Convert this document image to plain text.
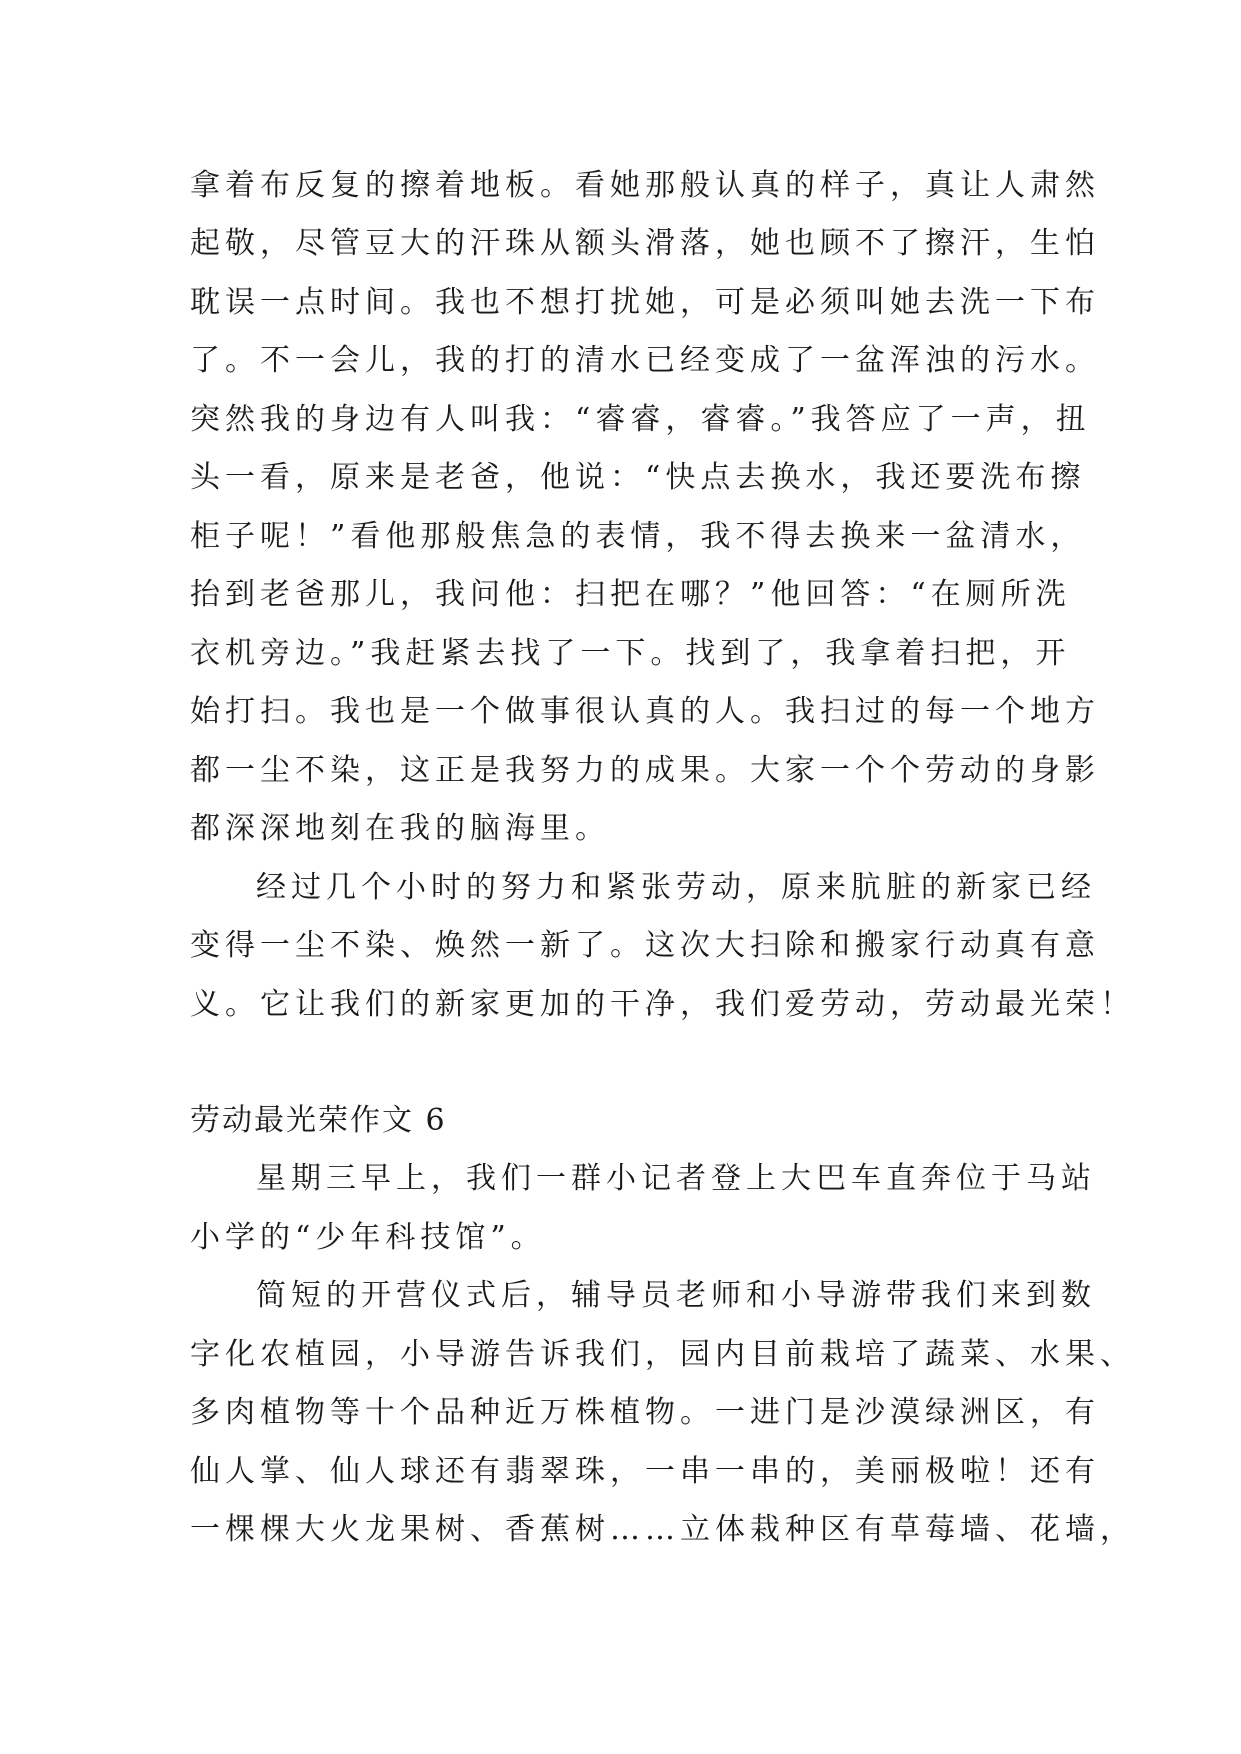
拿着布反复的擦着地板。看她那般认真的样子，真让人肃然
起敬，尽管豆大的汗珠从额头滑落，她也顾不了擦汗，生怕
耽误一点时间。我也不想打扰她，可是必须叫她去洗一下布
了。不一会儿，我的打的清水已经变成了一盆浑浊的污水。
突然我的身边有人叫我：“睿睿，睿睿。”我答应了一声，扭
头一看，原来是老爸，他说：“快点去换水，我还要洗布擦
柜子呢！”看他那般焦急的表情，我不得去换来一盆清水，
抬到老爸那儿，我问他：扫把在哪？”他回答：“在厕所洗
衣机旁边。”我赶紧去找了一下。找到了，我拿着扫把，开
始打扫。我也是一个做事很认真的人。我扫过的每一个地方
都一尘不染，这正是我努力的成果。大家一个个劳动的身影
都深深地刻在我的脑海里。
经过几个小时的努力和紧张劳动，原来肮脏的新家已经
变得一尘不染、焕然一新了。这次大扫除和搬家行动真有意
义。它让我们的新家更加的干净，我们爱劳动，劳动最光荣！
劳动最光荣作文 6
星期三早上，我们一群小记者登上大巴车直奔位于马站
小学的“少年科技馆”。
简短的开营仪式后，辅导员老师和小导游带我们来到数
字化农植园，小导游告诉我们，园内目前栽培了蔬菜、水果、
多肉植物等十个品种近万株植物。一进门是沙漠绿洲区，有
仙人掌、仙人球还有翡翠珠，一串一串的，美丽极啦！还有
一棵棵大火龙果树、香蕉树……立体栽种区有草莓墙、花墙，
